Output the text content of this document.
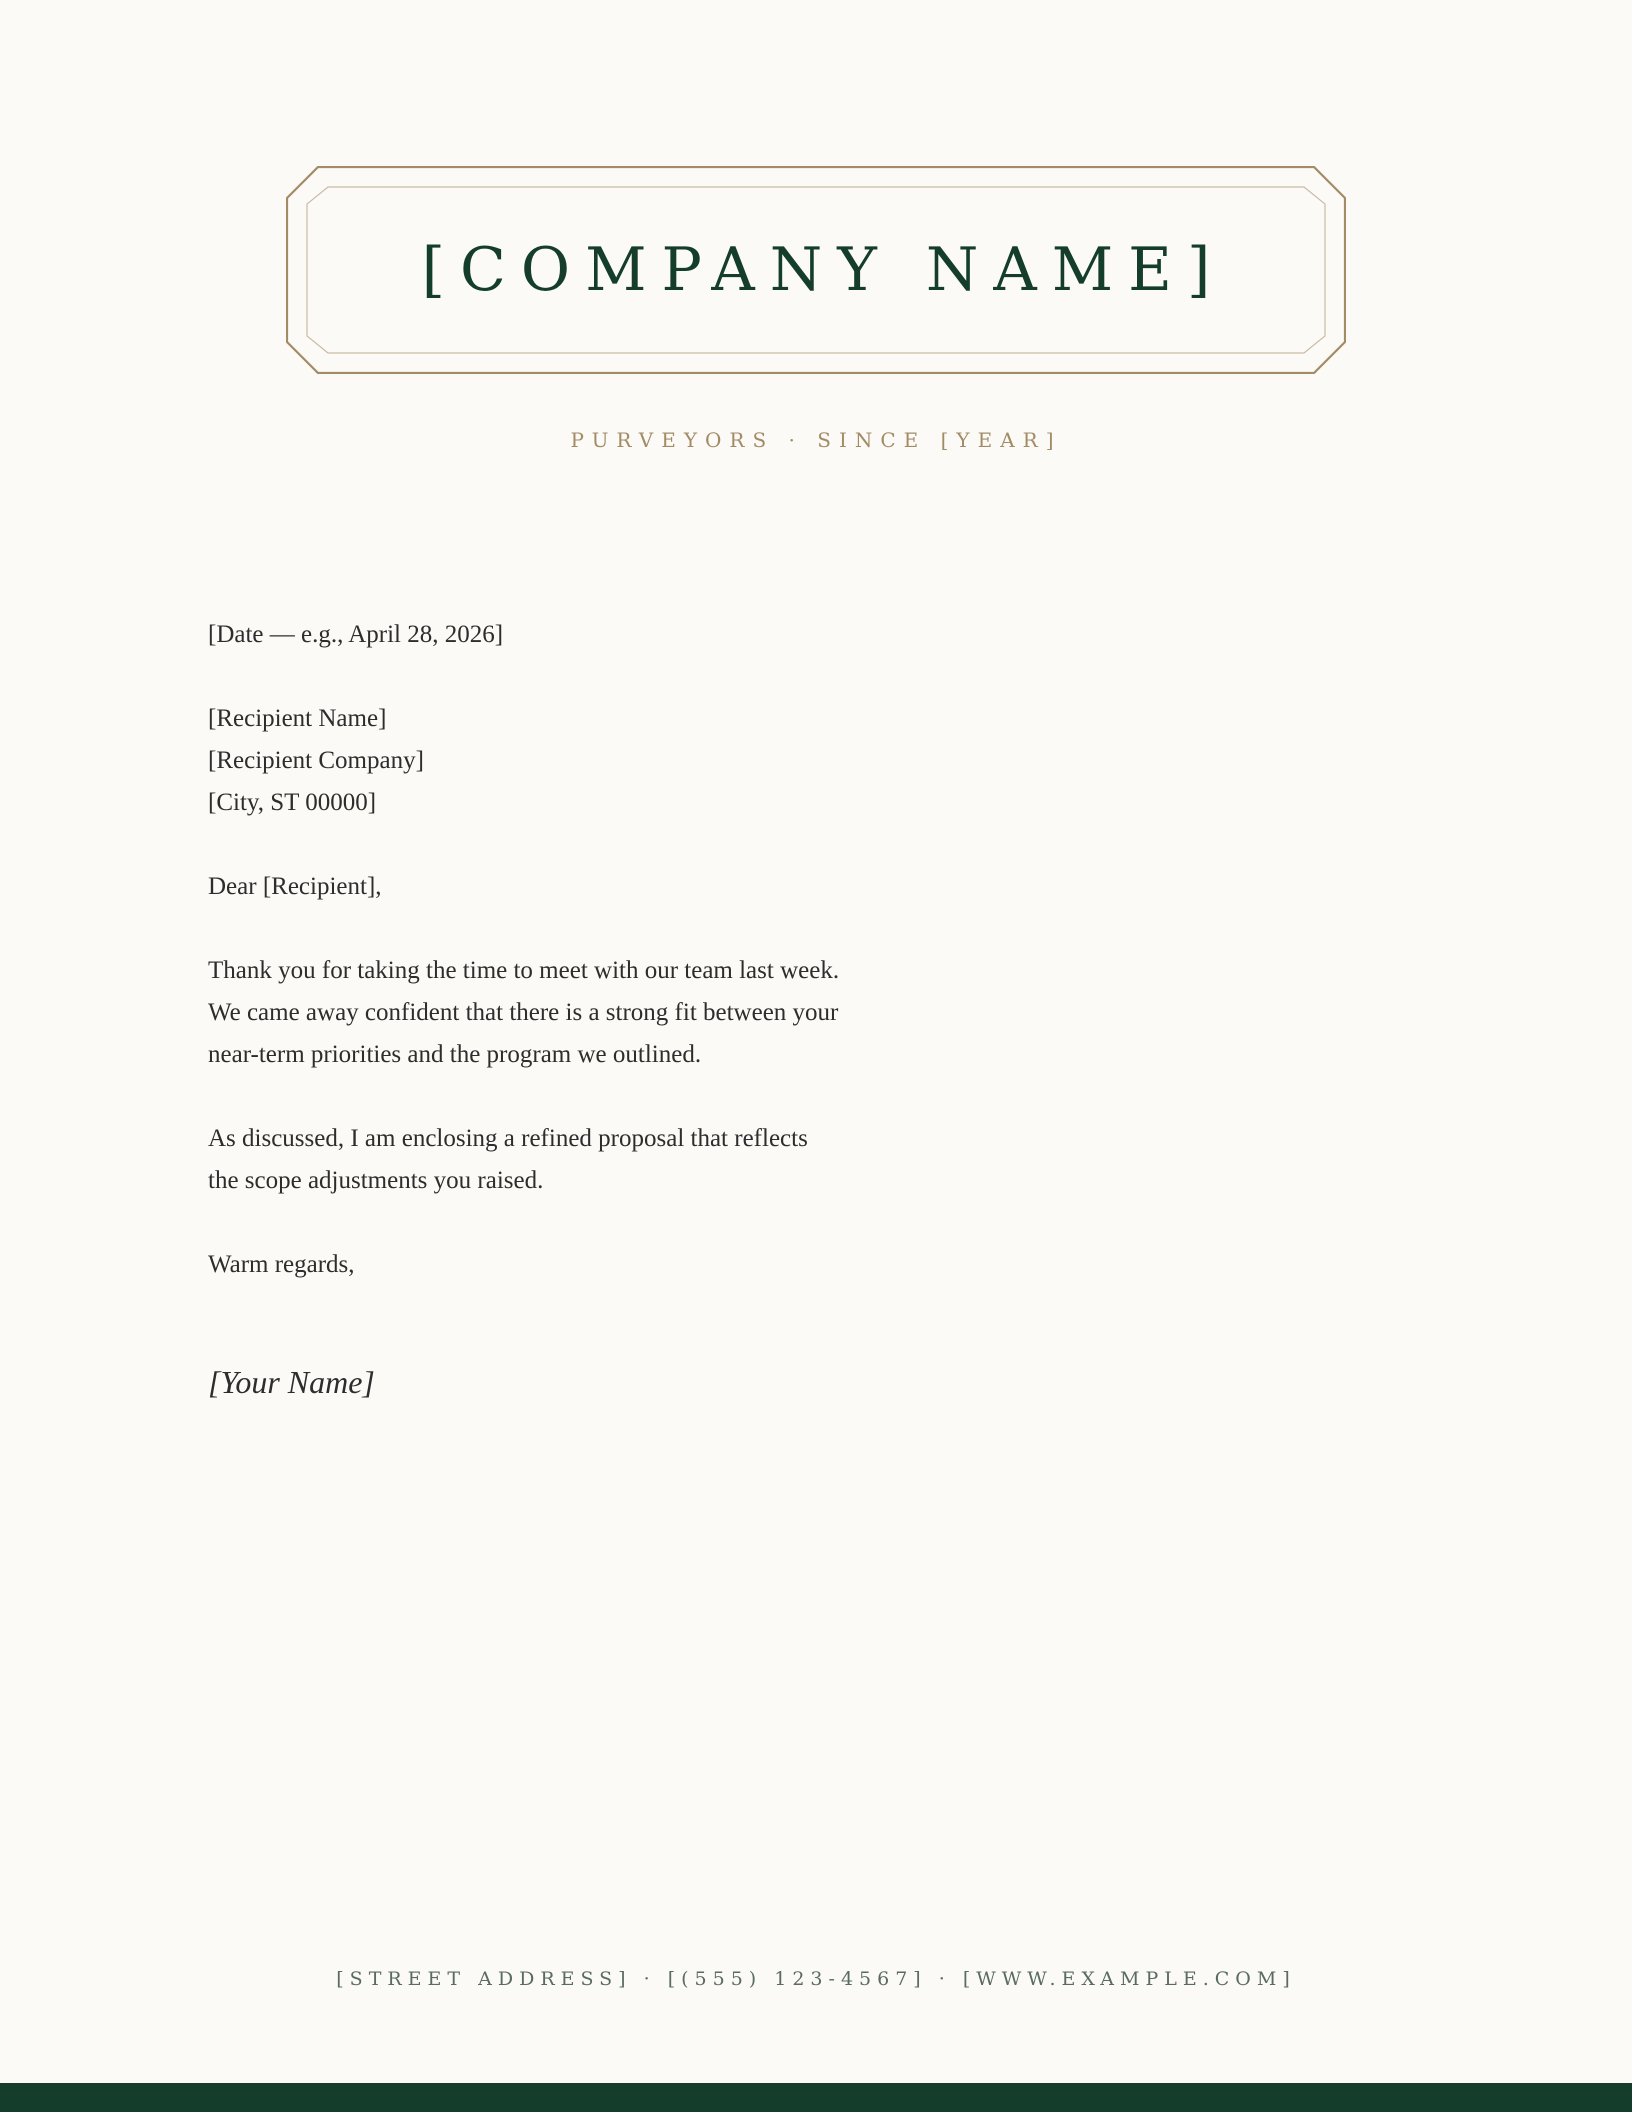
[COMPANY NAME]
PURVEYORS · SINCE [YEAR]

[Date — e.g., April 28, 2026]

[Recipient Name]
[Recipient Company]
[City, ST 00000]

Dear [Recipient],

Thank you for taking the time to meet with our team last week.
We came away confident that there is a strong fit between your
near-term priorities and the program we outlined.

As discussed, I am enclosing a refined proposal that reflects
the scope adjustments you raised.

Warm regards,

[Your Name]
[STREET ADDRESS] · [(555) 123-4567] · [WWW.EXAMPLE.COM]
